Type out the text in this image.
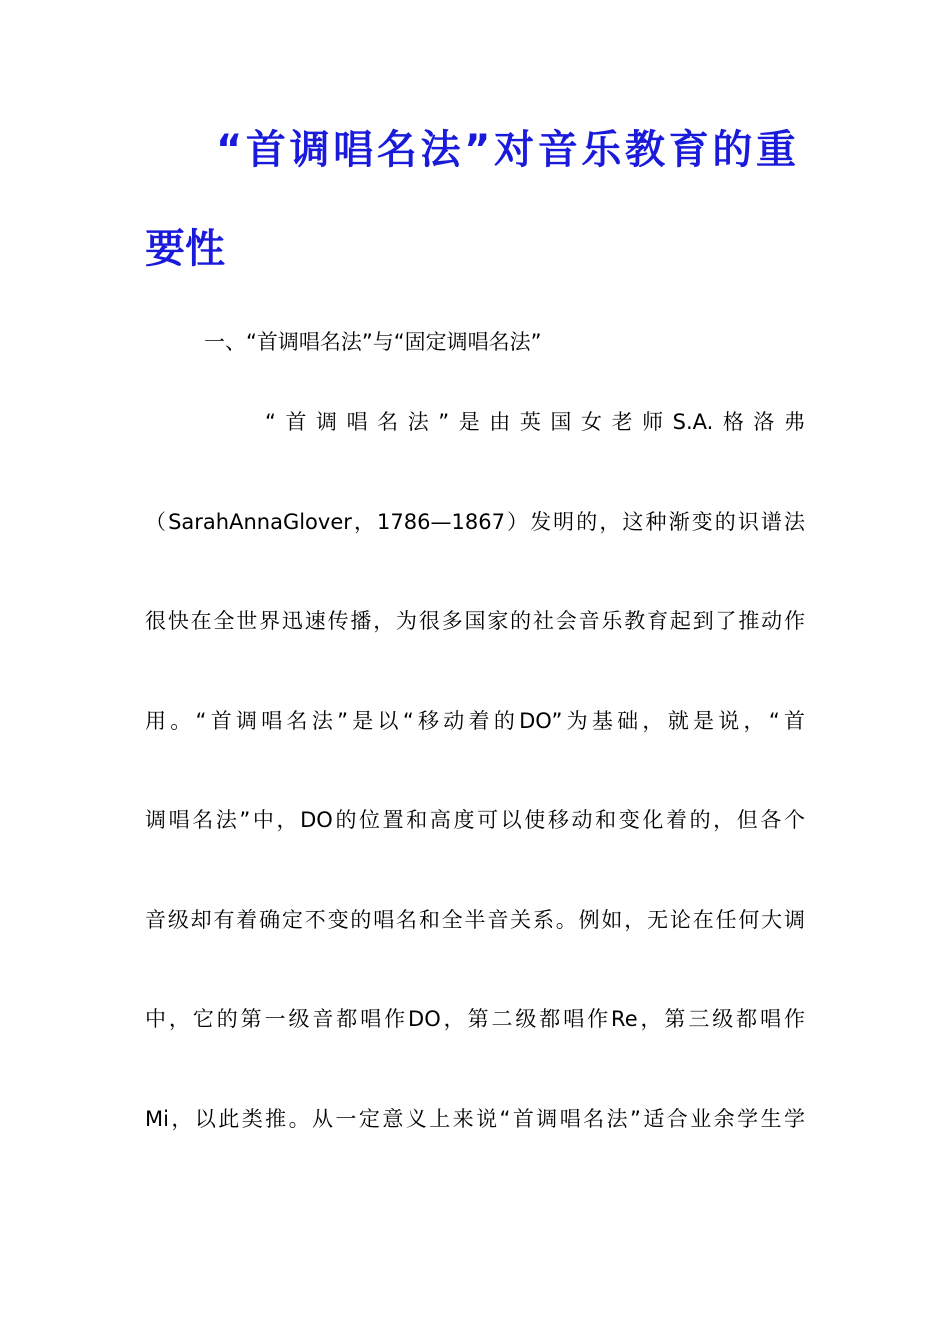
“首调唱名法”对音乐教育的重
要性
一、“首调唱名法”与“固定调唱名法”
“首调唱名法”是由英国女老师S.A.格洛弗
（SarahAnnaGlover，1786—1867）发明的，这种渐变的识谱法
很快在全世界迅速传播，为很多国家的社会音乐教育起到了推动作
用。“首调唱名法”是以“移动着的DO”为基础，就是说，“首
调唱名法”中，DO的位置和高度可以使移动和变化着的，但各个
音级却有着确定不变的唱名和全半音关系。例如，无论在任何大调
中，它的第一级音都唱作DO，第二级都唱作Re，第三级都唱作
Mi，以此类推。从一定意义上来说“首调唱名法”适合业余学生学
